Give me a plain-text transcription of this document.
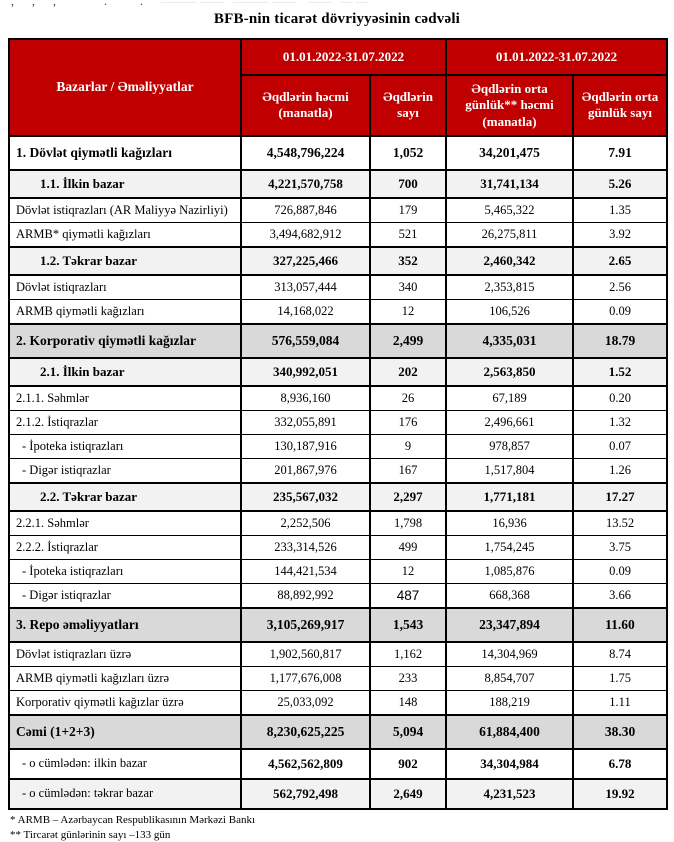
,      ,      ,                .           .      ——— ——   ——— ——    ——   — —
BFB-nin ticarət dövriyyəsinin cədvəli
Bazarlar / Əməliyyatlar	01.01.2022-31.07.2022		01.01.2022-31.07.2022	
	Əqdlərin həcmi (manatla)	Əqdlərin sayı	Əqdlərin orta günlük** həcmi (manatla)	Əqdlərin orta günlük sayı
1. Dövlət qiymətli kağızları	4,548,796,224	1,052	34,201,475	7.91
1.1. İlkin bazar	4,221,570,758	700	31,741,134	5.26
Dövlət istiqrazları (AR Maliyyə Nazirliyi)	726,887,846	179	5,465,322	1.35
ARMB* qiymətli kağızları	3,494,682,912	521	26,275,811	3.92
1.2. Təkrar bazar	327,225,466	352	2,460,342	2.65
Dövlət istiqrazları	313,057,444	340	2,353,815	2.56
ARMB qiymətli kağızları	14,168,022	12	106,526	0.09
2. Korporativ qiymətli kağızlar	576,559,084	2,499	4,335,031	18.79
2.1. İlkin bazar	340,992,051	202	2,563,850	1.52
2.1.1. Səhmlər	8,936,160	26	67,189	0.20
2.1.2. İstiqrazlar	332,055,891	176	2,496,661	1.32
- İpoteka istiqrazları	130,187,916	9	978,857	0.07
- Digər istiqrazlar	201,867,976	167	1,517,804	1.26
2.2. Təkrar bazar	235,567,032	2,297	1,771,181	17.27
2.2.1. Səhmlər	2,252,506	1,798	16,936	13.52
2.2.2. İstiqrazlar	233,314,526	499	1,754,245	3.75
- İpoteka istiqrazları	144,421,534	12	1,085,876	0.09
- Digər istiqrazlar	88,892,992	487	668,368	3.66
3. Repo əməliyyatları	3,105,269,917	1,543	23,347,894	11.60
Dövlət istiqrazları üzrə	1,902,560,817	1,162	14,304,969	8.74
ARMB qiymətli kağızları üzrə	1,177,676,008	233	8,854,707	1.75
Korporativ qiymətli kağızlar üzrə	25,033,092	148	188,219	1.11
Cəmi (1+2+3)	8,230,625,225	5,094	61,884,400	38.30
- o cümlədən: ilkin bazar	4,562,562,809	902	34,304,984	6.78
- o cümlədən: təkrar bazar	562,792,498	2,649	4,231,523	19.92
* ARMB – Azərbaycan Respublikasının Mərkəzi Bankı
** Tircarət günlərinin sayı –133 gün
